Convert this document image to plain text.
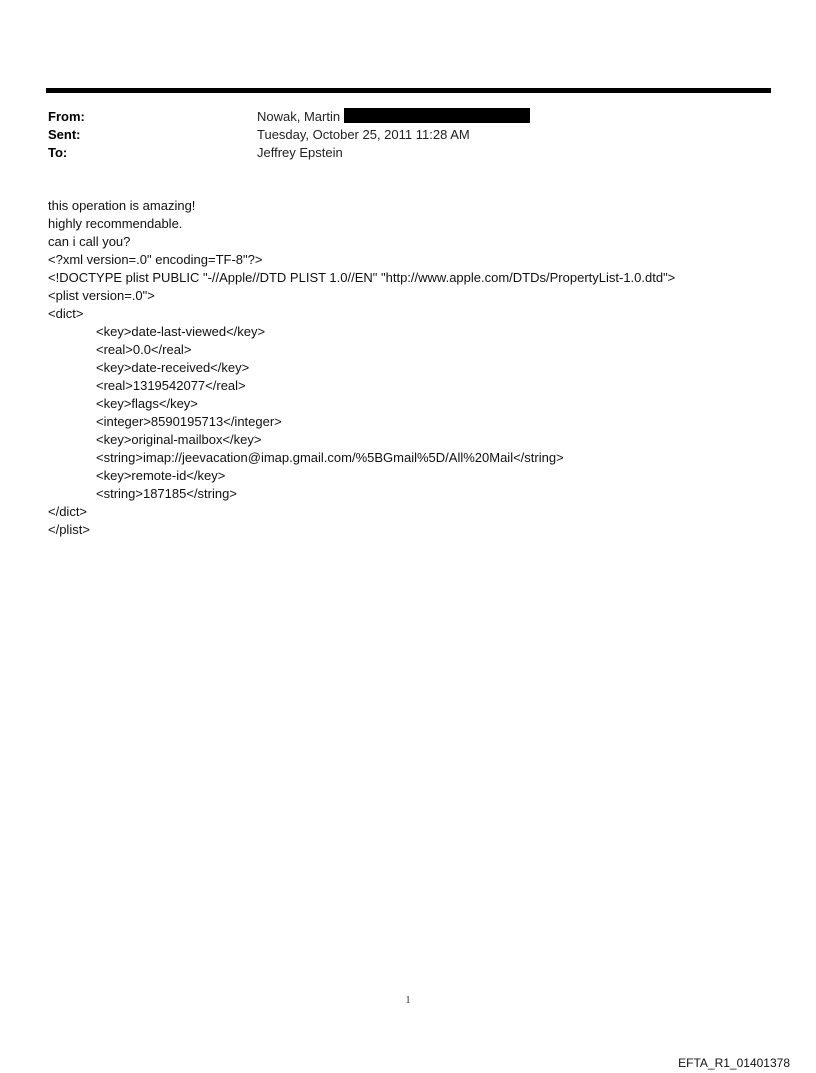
From:	Nowak, Martin
Sent:	Tuesday, October 25, 2011 11:28 AM
To:	Jeffrey Epstein
this operation is amazing!
highly recommendable.
can i call you?
<?xml version=.0" encoding=TF-8"?>
<!DOCTYPE plist PUBLIC "-//Apple//DTD PLIST 1.0//EN" "http://www.apple.com/DTDs/PropertyList-1.0.dtd">
<plist version=.0">
<dict>
<key>date-last-viewed</key>
<real>0.0</real>
<key>date-received</key>
<real>1319542077</real>
<key>flags</key>
<integer>8590195713</integer>
<key>original-mailbox</key>
<string>imap://jeevacation@imap.gmail.com/%5BGmail%5D/All%20Mail</string>
<key>remote-id</key>
<string>187185</string>
</dict>
</plist>
1
EFTA_R1_01401378
